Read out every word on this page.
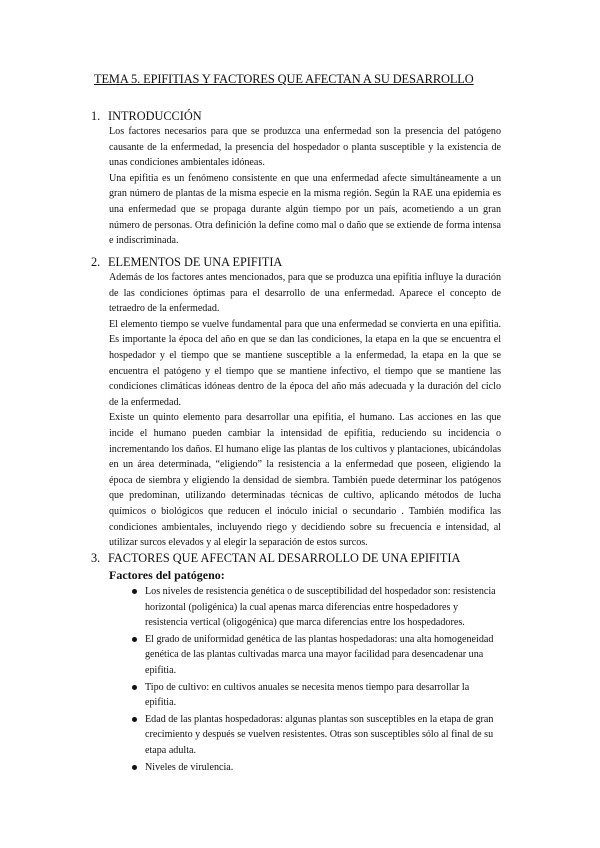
TEMA 5. EPIFITIAS Y FACTORES QUE AFECTAN A SU DESARROLLO
1. INTRODUCCIÓN

Los factores necesarios para que se produzca una enfermedad son la presencia del patógeno causante de la enfermedad, la presencia del hospedador o planta susceptible y la existencia de unas condiciones ambientales idóneas.

Una epifitia es un fenómeno consistente en que una enfermedad afecte simultáneamente a un gran número de plantas de la misma especie en la misma región. Según la RAE una epidemia es una enfermedad que se propaga durante algún tiempo por un país, acometiendo a un gran número de personas. Otra definición la define como mal o daño que se extiende de forma intensa e indiscriminada.

2. ELEMENTOS DE UNA EPIFITIA

Además de los factores antes mencionados, para que se produzca una epifitia influye la duración de las condiciones óptimas para el desarrollo de una enfermedad. Aparece el concepto de tetraedro de la enfermedad.

El elemento tiempo se vuelve fundamental para que una enfermedad se convierta en una epifitia. Es importante la época del año en que se dan las condiciones, la etapa en la que se encuentra el hospedador y el tiempo que se mantiene susceptible a la enfermedad, la etapa en la que se encuentra el patógeno y el tiempo que se mantiene infectivo, el tiempo que se mantiene las condiciones climáticas idóneas dentro de la época del año más adecuada y la duración del ciclo de la enfermedad.

Existe un quinto elemento para desarrollar una epifitia, el humano. Las acciones en las que incide el humano pueden cambiar la intensidad de epifitia, reduciendo su incidencia o incrementando los daños. El humano elige las plantas de los cultivos y plantaciones, ubicándolas en un área determinada, “eligiendo” la resistencia a la enfermedad que poseen, eligiendo la época de siembra y eligiendo la densidad de siembra. También puede determinar los patógenos que predominan, utilizando determinadas técnicas de cultivo, aplicando métodos de lucha químicos o biológicos que reducen el inóculo inicial o secundario . También modifica las condiciones ambientales, incluyendo riego y decidiendo sobre su frecuencia e intensidad, al utilizar surcos elevados y al elegir la separación de estos surcos.

3. FACTORES QUE AFECTAN AL DESARROLLO DE UNA EPIFITIA
Factores del patógeno:
Los niveles de resistencia genética o de susceptibilidad del hospedador son: resistencia horizontal (poligénica) la cual apenas marca diferencias entre hospedadores y resistencia vertical (oligogénica) que marca diferencias entre los hospedadores.
El grado de uniformidad genética de las plantas hospedadoras: una alta homogeneidad genética de las plantas cultivadas marca una mayor facilidad para desencadenar una epifitia.
Tipo de cultivo: en cultivos anuales se necesita menos tiempo para desarrollar la epifitia.
Edad de las plantas hospedadoras: algunas plantas son susceptibles en la etapa de gran crecimiento y después se vuelven resistentes. Otras son susceptibles sólo al final de su etapa adulta.
Niveles de virulencia.
